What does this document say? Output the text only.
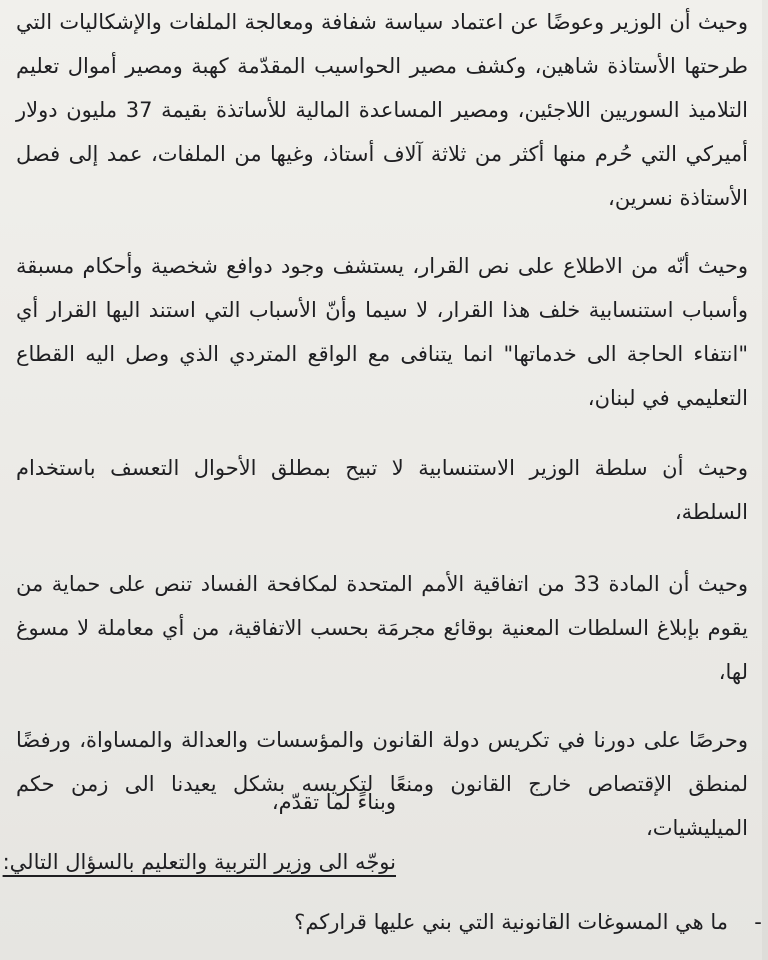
وحيث أن الوزير وعوضًا عن اعتماد سياسة شفافة ومعالجة الملفات والإشكاليات التي طرحتها الأستاذة شاهين، وكشف مصير الحواسيب المقدّمة كهبة ومصير أموال تعليم التلاميذ السوريين اللاجئين، ومصير المساعدة المالية للأساتذة بقيمة 37 مليون دولار أميركي التي حُرم منها أكثر من ثلاثة آلاف أستاذ، وغيها من الملفات، عمد إلى فصل الأستاذة نسرين،

وحيث أنّه من الاطلاع على نص القرار، يستشف وجود دوافع شخصية وأحكام مسبقة وأسباب استنسابية خلف هذا القرار، لا سيما وأنّ الأسباب التي استند اليها القرار أي "انتفاء الحاجة الى خدماتها" انما يتنافى مع الواقع المتردي الذي وصل اليه القطاع التعليمي في لبنان،

وحيث أن سلطة الوزير الاستنسابية لا تبيح بمطلق الأحوال التعسف باستخدام السلطة،

وحيث أن المادة 33 من اتفاقية الأمم المتحدة لمكافحة الفساد تنص على حماية من يقوم بإبلاغ السلطات المعنية بوقائع مجرمَة بحسب الاتفاقية، من أي معاملة لا مسوغ لها،

وحرصًا على دورنا في تكريس دولة القانون والمؤسسات والعدالة والمساواة، ورفضًا لمنطق الإقتصاص خارج القانون ومنعًا لتكريسه بشكل يعيدنا الى زمن حكم الميليشيات،

وبناءً لما تقدّم،

نوجّه الى وزير التربية والتعليم بالسؤال التالي:

-ما هي المسوغات القانونية التي بني عليها قراركم؟
